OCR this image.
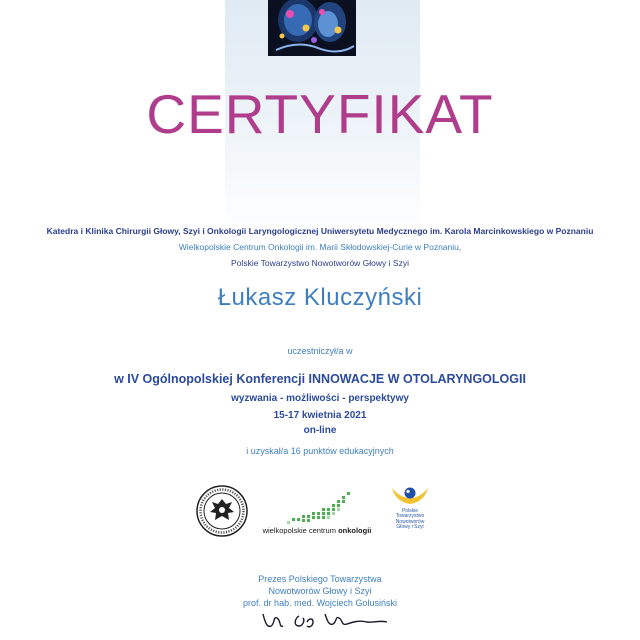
CERTYFIKAT
Katedra i Klinika Chirurgii Głowy, Szyi i Onkologii Laryngologicznej Uniwersytetu Medycznego im. Karola Marcinkowskiego w Poznaniu
Wielkopolskie Centrum Onkologii im. Marii Skłodowskiej-Curie w Poznaniu,
Polskie Towarzystwo Nowotworów Głowy i Szyi
Łukasz Kluczyński
uczestniczył/a w
w IV Ogólnopolskiej Konferencji INNOWACJE W OTOLARYNGOLOGII
wyzwania - możliwości - perspektywy
15-17 kwietnia 2021
on-line
i uzyskał/a 16 punktów edukacyjnych
wielkopolskie centrum onkologii
Polskie
Towarzystwo
Nowotworów
Głowy i Szyi
Prezes Polskiego Towarzystwa
Nowotworów Głowy i Szyi
prof. dr hab. med. Wojciech Golusiński
